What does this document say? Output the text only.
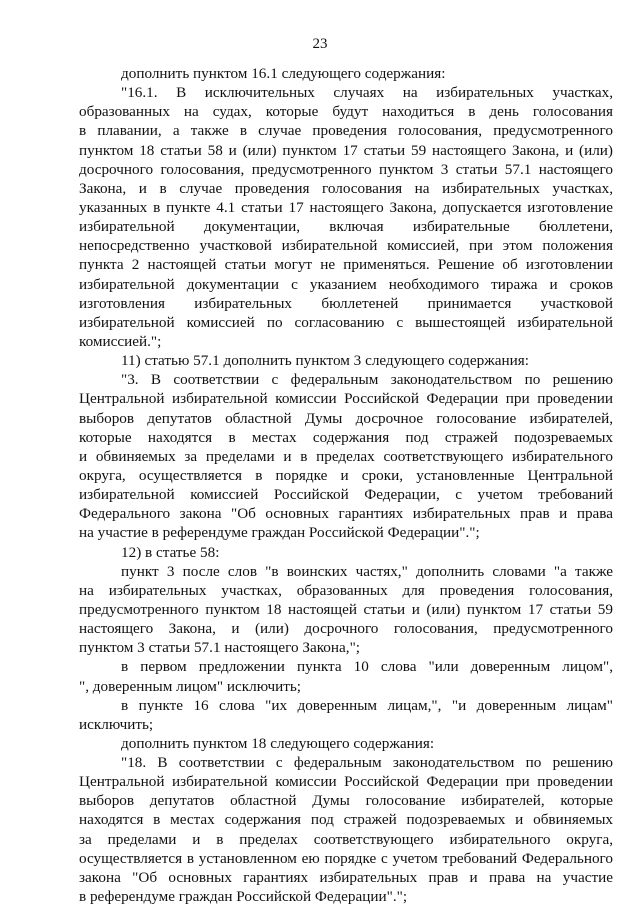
23
дополнить пунктом 16.1 следующего содержания:
"16.1. В исключительных случаях на избирательных участках,
образованных на судах, которые будут находиться в день голосования
в плавании, а также в случае проведения голосования, предусмотренного
пунктом 18 статьи 58 и (или) пунктом 17 статьи 59 настоящего Закона, и (или)
досрочного голосования, предусмотренного пунктом 3 статьи 57.1 настоящего
Закона, и в случае проведения голосования на избирательных участках,
указанных в пункте 4.1 статьи 17 настоящего Закона, допускается изготовление
избирательной документации, включая избирательные бюллетени,
непосредственно участковой избирательной комиссией, при этом положения
пункта 2 настоящей статьи могут не применяться. Решение об изготовлении
избирательной документации с указанием необходимого тиража и сроков
изготовления избирательных бюллетеней принимается участковой
избирательной комиссией по согласованию с вышестоящей избирательной
комиссией.";
11) статью 57.1 дополнить пунктом 3 следующего содержания:
"3. В соответствии с федеральным законодательством по решению
Центральной избирательной комиссии Российской Федерации при проведении
выборов депутатов областной Думы досрочное голосование избирателей,
которые находятся в местах содержания под стражей подозреваемых
и обвиняемых за пределами и в пределах соответствующего избирательного
округа, осуществляется в порядке и сроки, установленные Центральной
избирательной комиссией Российской Федерации, с учетом требований
Федерального закона "Об основных гарантиях избирательных прав и права
на участие в референдуме граждан Российской Федерации".";
12) в статье 58:
пункт 3 после слов "в воинских частях," дополнить словами "а также
на избирательных участках, образованных для проведения голосования,
предусмотренного пунктом 18 настоящей статьи и (или) пунктом 17 статьи 59
настоящего Закона, и (или) досрочного голосования, предусмотренного
пунктом 3 статьи 57.1 настоящего Закона,";
в первом предложении пункта 10 слова "или доверенным лицом",
", доверенным лицом" исключить;
в пункте 16 слова "их доверенным лицам,", "и доверенным лицам"
исключить;
дополнить пунктом 18 следующего содержания:
"18. В соответствии с федеральным законодательством по решению
Центральной избирательной комиссии Российской Федерации при проведении
выборов депутатов областной Думы голосование избирателей, которые
находятся в местах содержания под стражей подозреваемых и обвиняемых
за пределами и в пределах соответствующего избирательного округа,
осуществляется в установленном ею порядке с учетом требований Федерального
закона "Об основных гарантиях избирательных прав и права на участие
в референдуме граждан Российской Федерации".";
